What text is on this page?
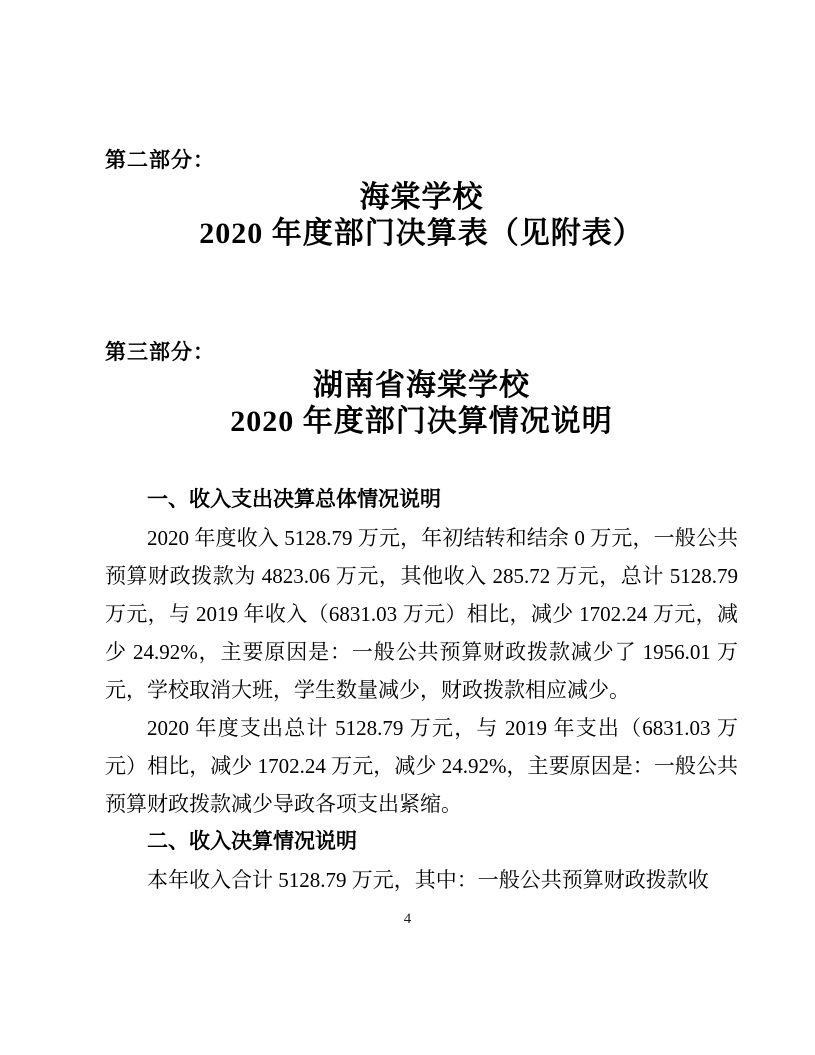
第二部分：
海棠学校
2020 年度部门决算表（见附表）
第三部分：
湖南省海棠学校
2020 年度部门决算情况说明
一、收入支出决算总体情况说明
2020 年度收入 5128.79 万元，年初结转和结余 0 万元，一般公共预算财政拨款为 4823.06 万元，其他收入 285.72 万元，总计 5128.79 万元，与 2019 年收入（6831.03 万元）相比，减少 1702.24 万元，减少 24.92%，主要原因是：一般公共预算财政拨款减少了 1956.01 万元，学校取消大班，学生数量减少，财政拨款相应减少。
2020 年度支出总计 5128.79 万元，与 2019 年支出（6831.03 万元）相比，减少 1702.24 万元，减少 24.92%，主要原因是：一般公共预算财政拨款减少导政各项支出紧缩。
二、收入决算情况说明
本年收入合计 5128.79 万元，其中：一般公共预算财政拨款收
4
